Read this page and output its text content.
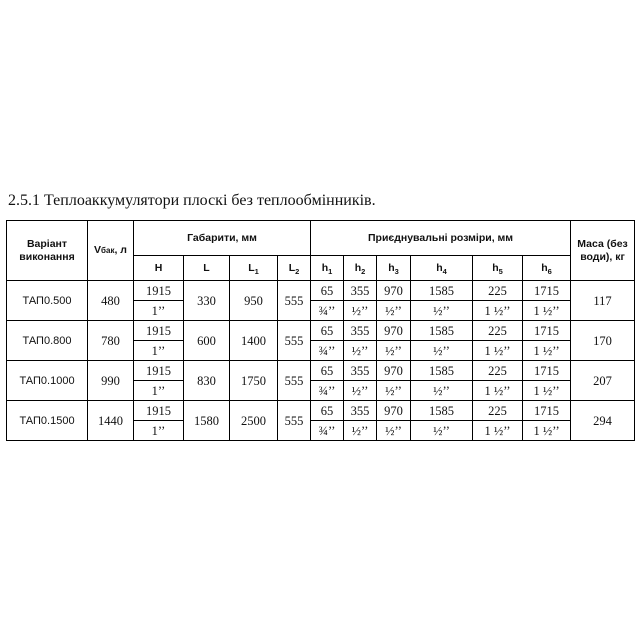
2.5.1 Теплоаккумулятори плоскі без теплообмінників.
Варіант виконання	Vбак, л	Габарити, мм				Приєднувальні розміри, мм						Маса (без води), кг
		H	L	$L_1$	$L_2$	$h_1$	$h_2$	$h_3$	$h_4$	$h_5$	$h_6$
ТАП0.500	480	1915	330	950	555	65	355	970	1585	225	1715	117
		1’’				¾’’	½’’	½’’	½’’	1 ½’’	1 ½’’	
ТАП0.800	780	1915	600	1400	555	65	355	970	1585	225	1715	170
		1’’				¾’’	½’’	½’’	½’’	1 ½’’	1 ½’’	
ТАП0.1000	990	1915	830	1750	555	65	355	970	1585	225	1715	207
		1’’				¾’’	½’’	½’’	½’’	1 ½’’	1 ½’’	
ТАП0.1500	1440	1915	1580	2500	555	65	355	970	1585	225	1715	294
		1’’				¾’’	½’’	½’’	½’’	1 ½’’	1 ½’’	
